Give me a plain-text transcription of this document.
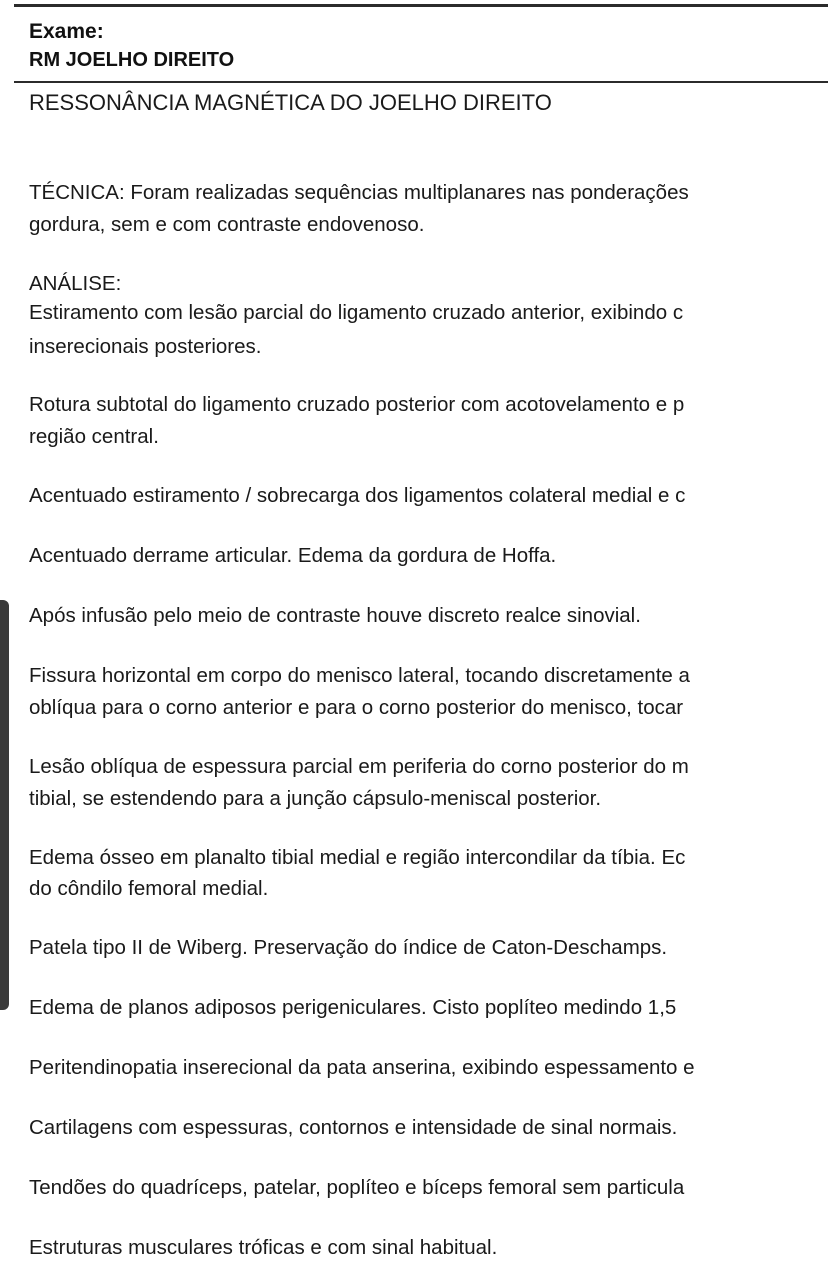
Exame:
RM JOELHO DIREITO
RESSONÂNCIA MAGNÉTICA DO JOELHO DIREITO
TÉCNICA: Foram realizadas sequências multiplanares nas ponderações
gordura, sem e com contraste endovenoso.
ANÁLISE:
Estiramento com lesão parcial do ligamento cruzado anterior, exibindo c
inserecionais posteriores.
Rotura subtotal do ligamento cruzado posterior com acotovelamento e p
região central.
Acentuado estiramento / sobrecarga dos ligamentos colateral medial e c
Acentuado derrame articular. Edema da gordura de Hoffa.
Após infusão pelo meio de contraste houve discreto realce sinovial.
Fissura horizontal em corpo do menisco lateral, tocando discretamente a
oblíqua para o corno anterior e para o corno posterior do menisco, tocar
Lesão oblíqua de espessura parcial em periferia do corno posterior do m
tibial, se estendendo para a junção cápsulo-meniscal posterior.
Edema ósseo em planalto tibial medial e região intercondilar da tíbia. Ec
do côndilo femoral medial.
Patela tipo II de Wiberg. Preservação do índice de Caton-Deschamps.
Edema de planos adiposos perigeniculares. Cisto poplíteo medindo 1,5
Peritendinopatia inserecional da pata anserina, exibindo espessamento e
Cartilagens com espessuras, contornos e intensidade de sinal normais.
Tendões do quadríceps, patelar, poplíteo e bíceps femoral sem particula
Estruturas musculares tróficas e com sinal habitual.
